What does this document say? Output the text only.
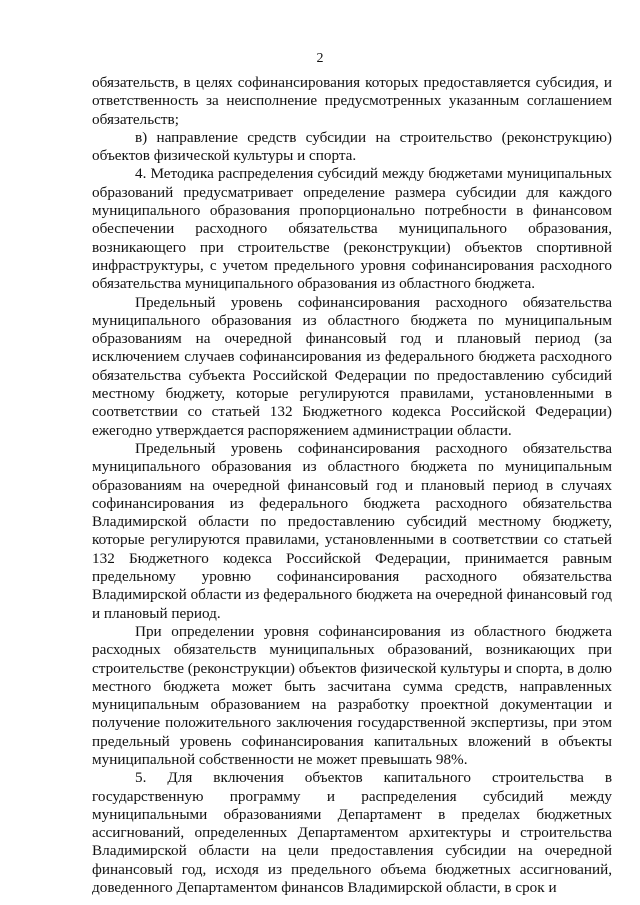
2

обязательств, в целях софинансирования которых предоставляется субсидия, и ответственность за неисполнение предусмотренных указанным соглашением обязательств;

в) направление средств субсидии на строительство (реконструкцию) объектов физической культуры и спорта.

4. Методика распределения субсидий между бюджетами муниципальных образований предусматривает определение размера субсидии для каждого муниципального образования пропорционально потребности в финансовом обеспечении расходного обязательства муниципального образования, возникающего при строительстве (реконструкции) объектов спортивной инфраструктуры, с учетом предельного уровня софинансирования расходного обязательства муниципального образования из областного бюджета.

Предельный уровень софинансирования расходного обязательства муниципального образования из областного бюджета по муниципальным образованиям на очередной финансовый год и плановый период (за исключением случаев софинансирования из федерального бюджета расходного обязательства субъекта Российской Федерации по предоставлению субсидий местному бюджету, которые регулируются правилами, установленными в соответствии со статьей 132 Бюджетного кодекса Российской Федерации) ежегодно утверждается распоряжением администрации области.

Предельный уровень софинансирования расходного обязательства муниципального образования из областного бюджета по муниципальным образованиям на очередной финансовый год и плановый период в случаях софинансирования из федерального бюджета расходного обязательства Владимирской области по предоставлению субсидий местному бюджету, которые регулируются правилами, установленными в соответствии со статьей 132 Бюджетного кодекса Российской Федерации, принимается равным предельному уровню софинансирования расходного обязательства Владимирской области из федерального бюджета на очередной финансовый год и плановый период.

При определении уровня софинансирования из областного бюджета расходных обязательств муниципальных образований, возникающих при строительстве (реконструкции) объектов физической культуры и спорта, в долю местного бюджета может быть засчитана сумма средств, направленных муниципальным образованием на разработку проектной документации и получение положительного заключения государственной экспертизы, при этом предельный уровень софинансирования капитальных вложений в объекты муниципальной собственности не может превышать 98%.

5. Для включения объектов капитального строительства в государственную программу и распределения субсидий между муниципальными образованиями Департамент в пределах бюджетных ассигнований, определенных Департаментом архитектуры и строительства Владимирской области на цели предоставления субсидии на очередной финансовый год, исходя из предельного объема бюджетных ассигнований, доведенного Департаментом финансов Владимирской области, в срок и
